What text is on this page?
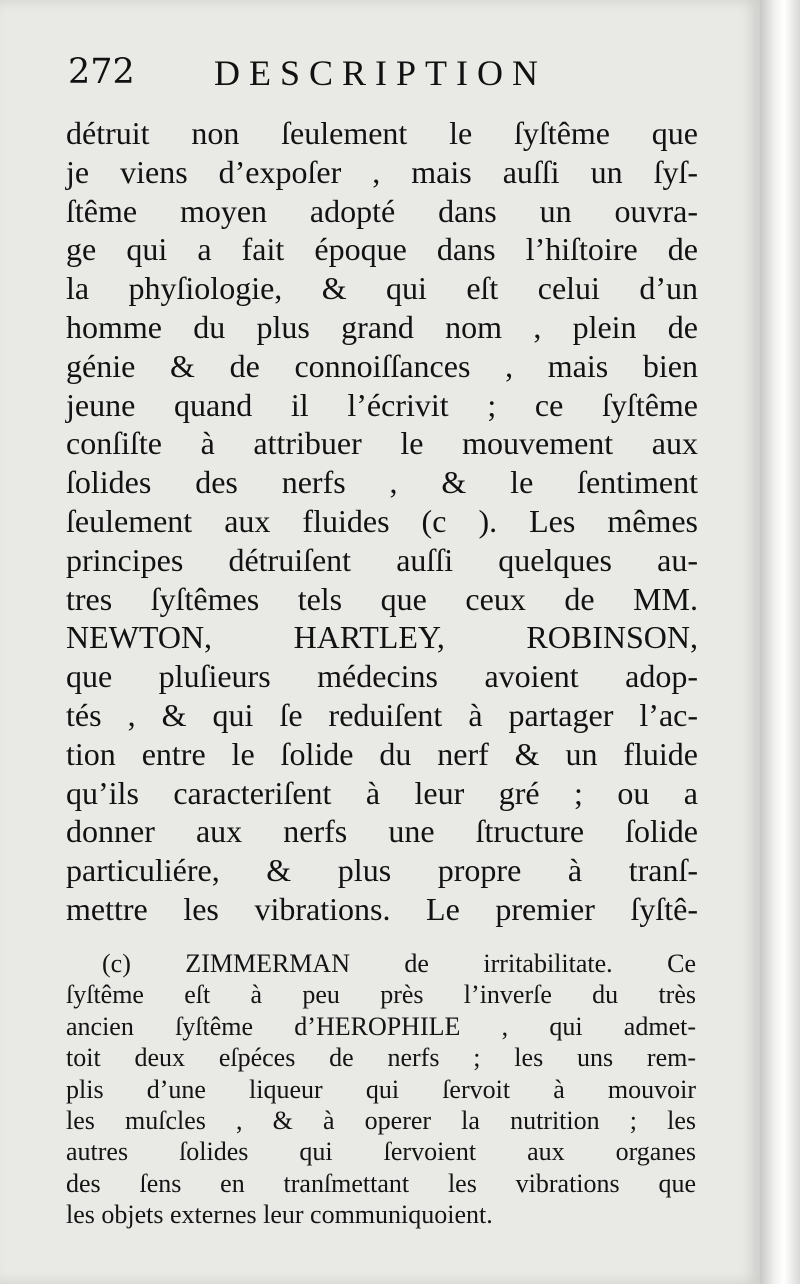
272 DESCRIPTION
détruit non ſeulement le ſyſtême que
je viens d’expoſer , mais auſſi un ſyſ-
ſtême moyen adopté dans un ouvra-
ge qui a fait époque dans l’hiſtoire de
la phyſiologie, & qui eſt celui d’un
homme du plus grand nom , plein de
génie & de connoiſſances , mais bien
jeune quand il l’écrivit ; ce ſyſtême
conſiſte à attribuer le mouvement aux
ſolides des nerfs , & le ſentiment
ſeulement aux fluides (c ). Les mêmes
principes détruiſent auſſi quelques au-
tres ſyſtêmes tels que ceux de MM.
NEWTON, HARTLEY, ROBINSON,
que pluſieurs médecins avoient adop-
tés , & qui ſe reduiſent à partager l’ac-
tion entre le ſolide du nerf & un fluide
qu’ils caracteriſent à leur gré ; ou a
donner aux nerfs une ſtructure ſolide
particuliére, & plus propre à tranſ-
mettre les vibrations. Le premier ſyſtê-
(c) ZIMMERMAN de irritabilitate. Ce
ſyſtême eſt à peu près l’inverſe du très
ancien ſyſtême d’HEROPHILE , qui admet-
toit deux eſpéces de nerfs ; les uns rem-
plis d’une liqueur qui ſervoit à mouvoir
les muſcles , & à operer la nutrition ; les
autres ſolides qui ſervoient aux organes
des ſens en tranſmettant les vibrations que
les objets externes leur communiquoient.
